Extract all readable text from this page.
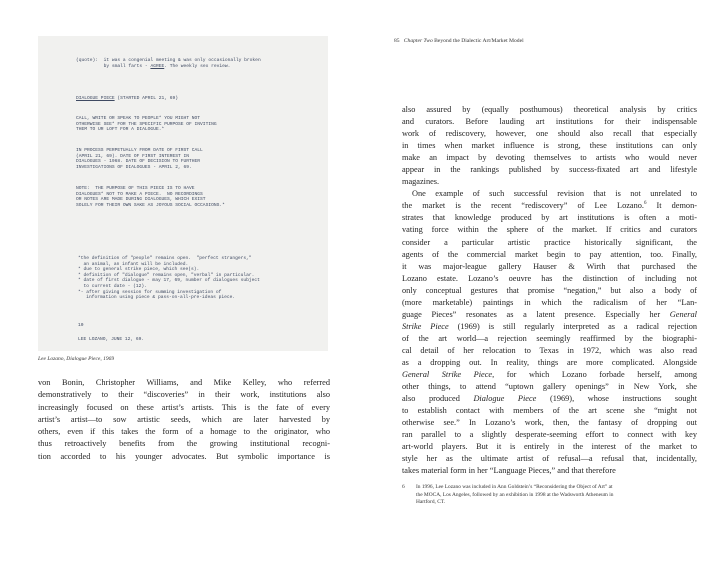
(quote):  it was a congenial meeting & was only occasionally broken
by small farts - AGREE. The weekly sex review.
DIALOGUE PIECE (STARTED APRIL 21, 69)
CALL, WRITE OR SPEAK TO PEOPLE* YOU MIGHT NOT
OTHERWISE SEE* FOR THE SPECIFIC PURPOSE OF INVITING
THEM TO UR LOFT FOR A DIALOGUE.*
IN PROCESS PERPETUALLY FROM DATE OF FIRST CALL
(APRIL 21, 69). DATE OF FIRST INTEREST IN
DIALOGUES - 1968. DATE OF DECISION TO FURTHER
INVESTIGATIONS OF DIALOGUES - APRIL 2, 69.
NOTE:  THE PURPOSE OF THIS PIECE IS TO HAVE
DIALOGUES* NOT TO MAKE A PIECE.  NO RECORDINGS
OR NOTES ARE MADE DURING DIALOGUES, WHICH EXIST
SOLELY FOR THEIR OWN SAKE AS JOYOUS SOCIAL OCCASIONS.*
*the definition of "people" remains open.  "perfect strangers,"
an animal, an infant will be included.
* due to general strike piece, which see(s).
* definition of "dialogue" remains open, "verbal" in particular.
* date of first dialogue - may 17, 69, number of dialogues subject
to current date - (12).
*- after giving session for summing investigation of
information using piece & pass-on-all-pre-ideas piece.
10
LEE LOZANO, JUNE 12, 69.
Lee Lozano, Dialogue Piece, 1969
von Bonin, Christopher Williams, and Mike Kelley, who referred
demonstratively to their “discoveries” in their work, institutions also
increasingly focused on these artist’s artists. This is the fate of every
artist’s artist—to sow artistic seeds, which are later harvested by
others, even if this takes the form of a homage to the originator, who
thus retroactively benefits from the growing institutional recogni-
tion accorded to his younger advocates. But symbolic importance is
85 Chapter Two Beyond the Dialectic Art/Market Model
also assured by (equally posthumous) theoretical analysis by critics
and curators. Before lauding art institutions for their indispensable
work of rediscovery, however, one should also recall that especially
in times when market influence is strong, these institutions can only
make an impact by devoting themselves to artists who would never
appear in the rankings published by success-fixated art and lifestyle
magazines.
One example of such successful revision that is not unrelated to
the market is the recent “rediscovery” of Lee Lozano.$^6$ It demon-
strates that knowledge produced by art institutions is often a moti-
vating force within the sphere of the market. If critics and curators
consider a particular artistic practice historically significant, the
agents of the commercial market begin to pay attention, too. Finally,
it was major-league gallery Hauser & Wirth that purchased the
Lozano estate. Lozano’s oeuvre has the distinction of including not
only conceptual gestures that promise “negation,” but also a body of
(more marketable) paintings in which the radicalism of her “Lan-
guage Pieces” resonates as a latent presence. Especially her General
Strike Piece (1969) is still regularly interpreted as a radical rejection
of the art world—a rejection seemingly reaffirmed by the biographi-
cal detail of her relocation to Texas in 1972, which was also read
as a dropping out. In reality, things are more complicated. Alongside
General Strike Piece, for which Lozano forbade herself, among
other things, to attend “uptown gallery openings” in New York, she
also produced Dialogue Piece (1969), whose instructions sought
to establish contact with members of the art scene she “might not
otherwise see.” In Lozano’s work, then, the fantasy of dropping out
ran parallel to a slightly desperate-seeming effort to connect with key
art-world players. But it is entirely in the interest of the market to
style her as the ultimate artist of refusal—a refusal that, incidentally,
takes material form in her “Language Pieces,” and that therefore
6 In 1996, Lee Lozano was included in Ann Goldstein’s “Reconsidering the Object of Art” at
the MOCA, Los Angeles, followed by an exhibition in 1998 at the Wadsworth Atheneum in
Hartford, CT.
